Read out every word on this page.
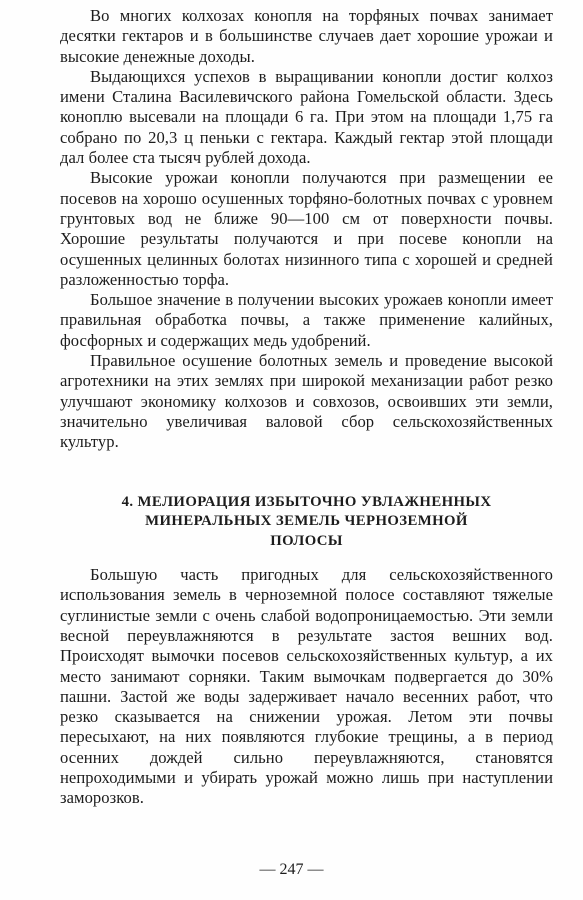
Во многих колхозах конопля на торфяных почвах занимает десятки гектаров и в большинстве случаев дает хорошие урожаи и высокие денежные доходы.

Выдающихся успехов в выращивании конопли достиг колхоз имени Сталина Василевичского района Гомельской области. Здесь коноплю высевали на площади 6 га. При этом на площади 1,75 га собрано по 20,3 ц пеньки с гектара. Каждый гектар этой площади дал более ста тысяч рублей дохода.

Высокие урожаи конопли получаются при размещении ее посевов на хорошо осушенных торфяно-болотных почвах с уровнем грунтовых вод не ближе 90—100 см от поверхности почвы. Хорошие результаты получаются и при посеве конопли на осушенных целинных болотах низинного типа с хорошей и средней разложенностью торфа.

Большое значение в получении высоких урожаев конопли имеет правильная обработка почвы, а также применение калийных, фосфорных и содержащих медь удобрений.

Правильное осушение болотных земель и проведение высокой агротехники на этих землях при широкой механизации работ резко улучшают экономику колхозов и совхозов, освоивших эти земли, значительно увеличивая валовой сбор сельскохозяйственных культур.

4. МЕЛИОРАЦИЯ ИЗБЫТОЧНО УВЛАЖНЕННЫХ
МИНЕРАЛЬНЫХ ЗЕМЕЛЬ ЧЕРНОЗЕМНОЙ
ПОЛОСЫ

Большую часть пригодных для сельскохозяйственного использования земель в черноземной полосе составляют тяжелые суглинистые земли с очень слабой водопроницаемостью. Эти земли весной переувлажняются в результате застоя вешних вод. Происходят вымочки посевов сельскохозяйственных культур, а их место занимают сорняки. Таким вымочкам подвергается до 30% пашни. Застой же воды задерживает начало весенних работ, что резко сказывается на снижении урожая. Летом эти почвы пересыхают, на них появляются глубокие трещины, а в период осенних дождей сильно переувлажняются, становятся непроходимыми и убирать урожай можно лишь при наступлении заморозков.

— 247 —
